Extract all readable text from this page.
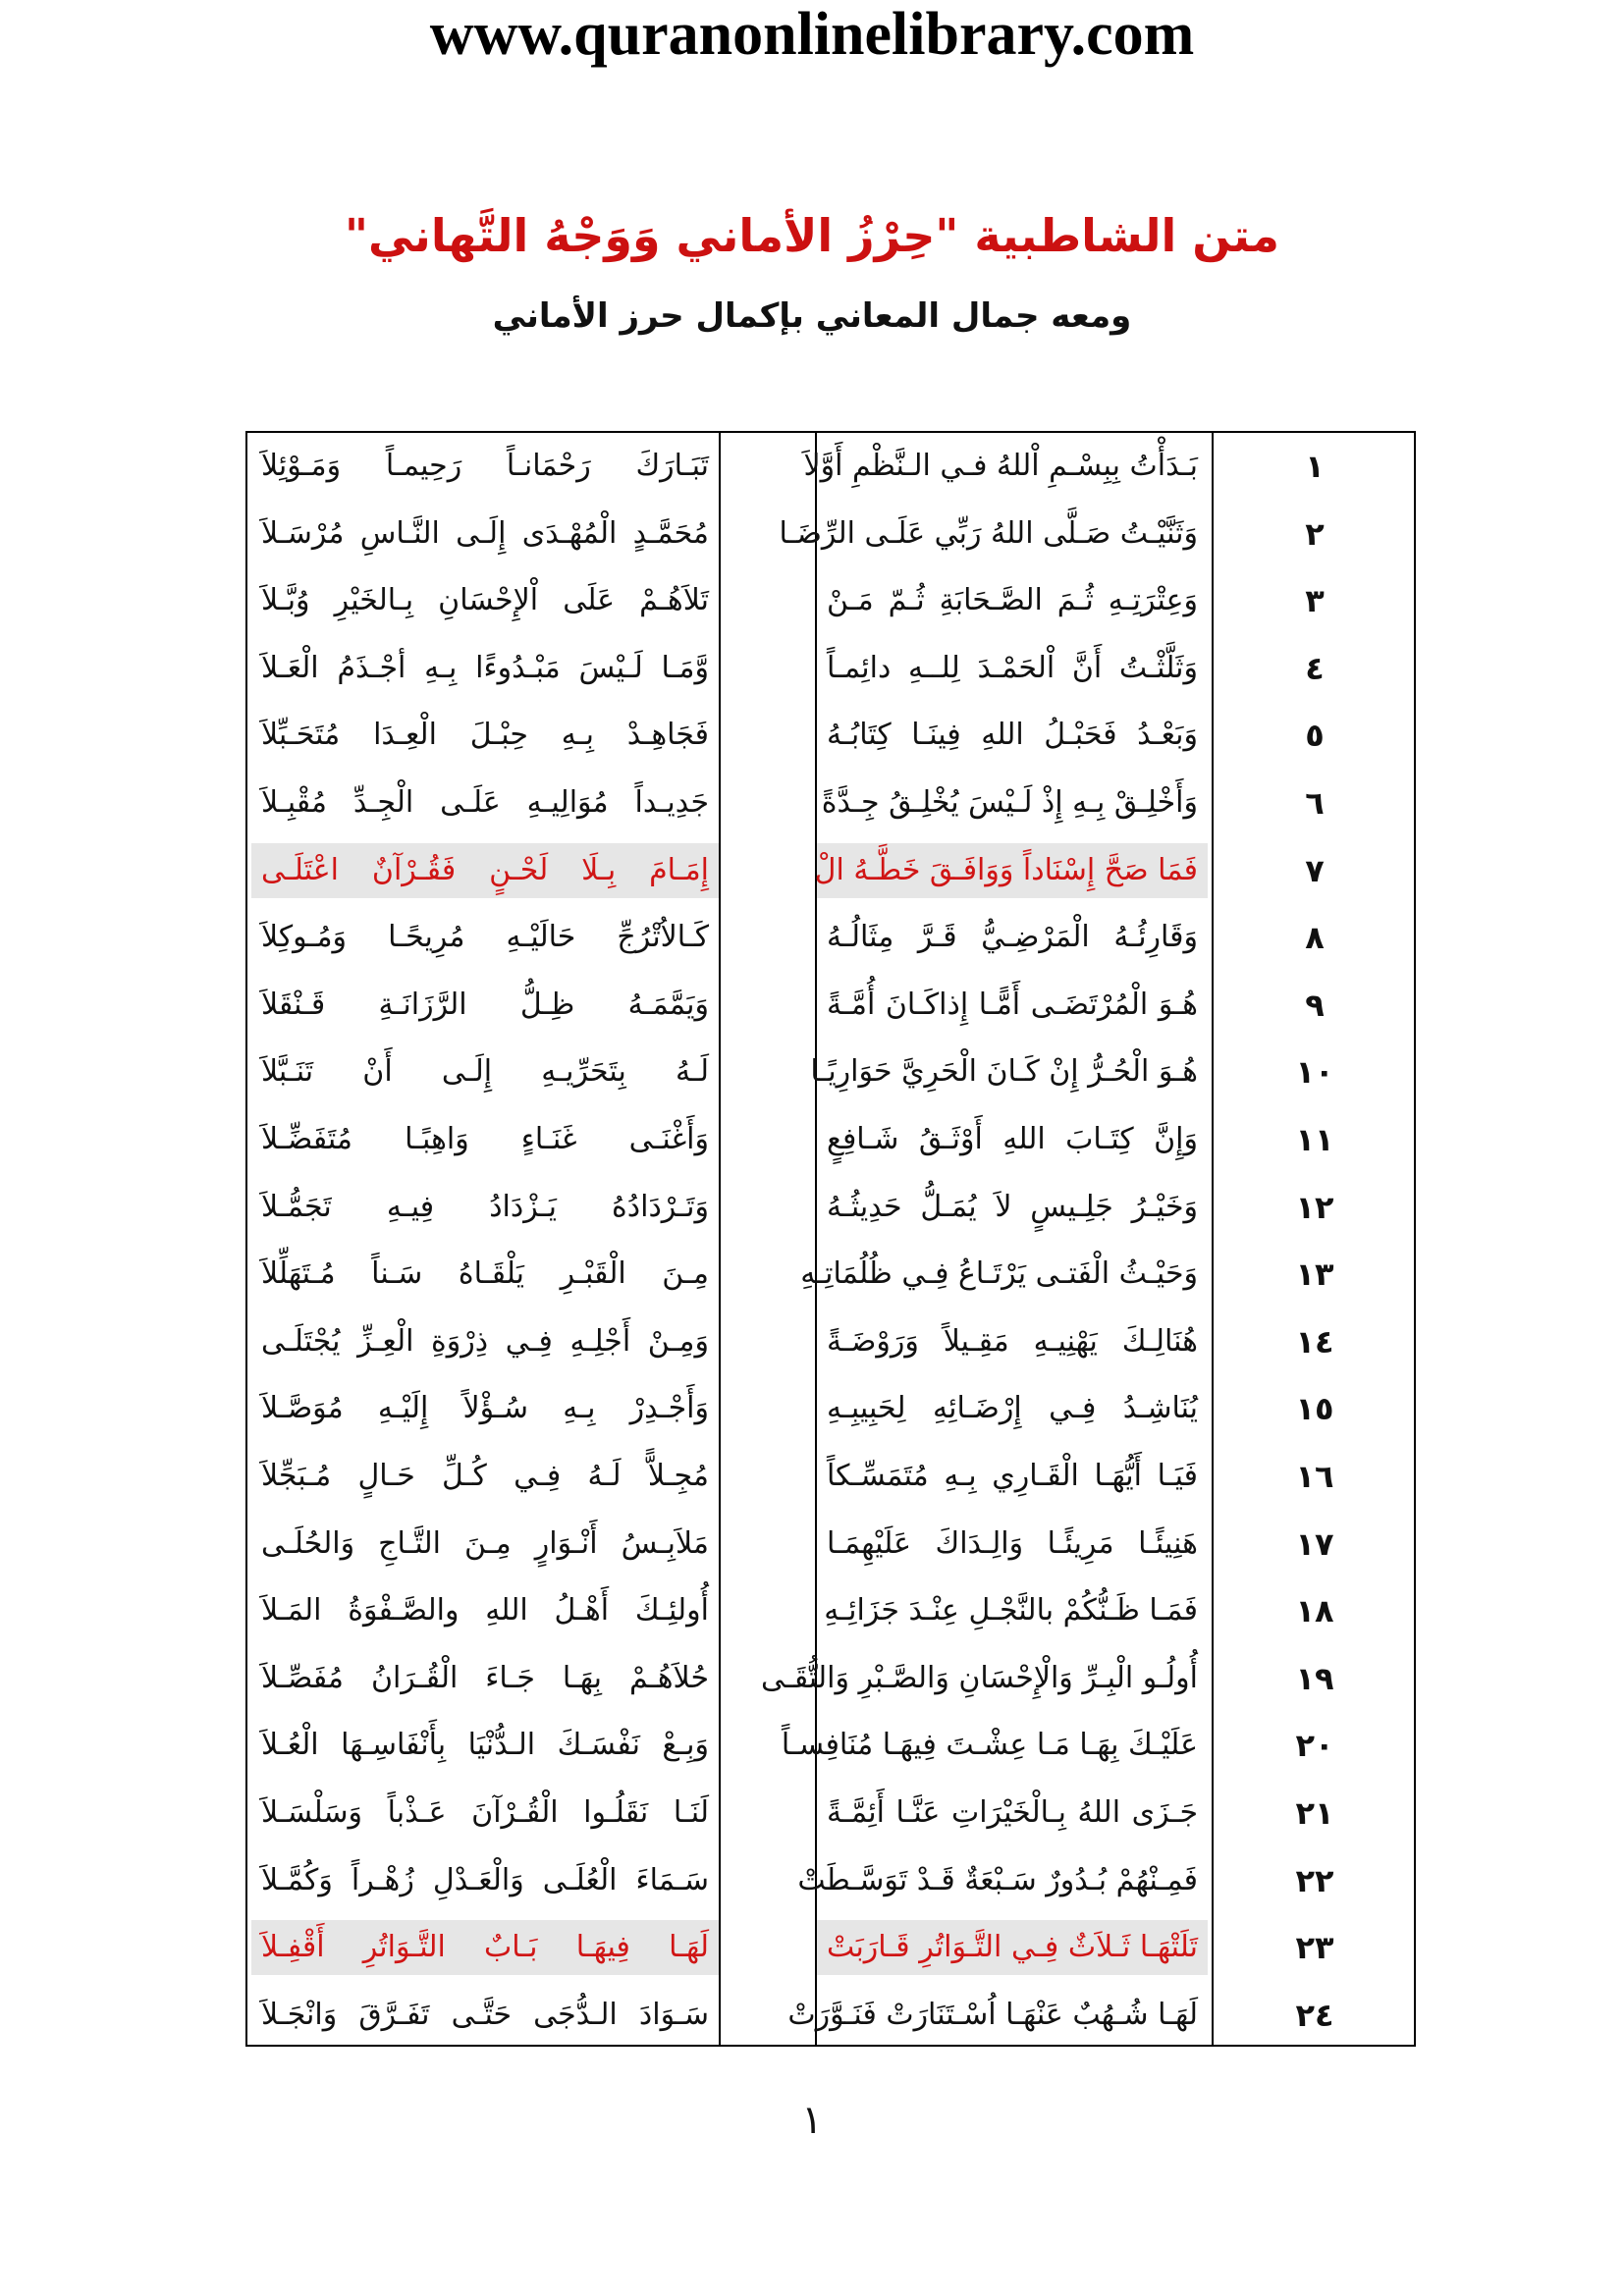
www.quranonlinelibrary.com
متن الشاطبية "حِرْزُ الأماني وَوَجْهُ التَّهاني"
ومعه جمال المعاني بإكمال حرز الأماني
١
بَـدَأْتُ بِبِسْـمِ اْللهُ فـي الـنَّظْمِ أَوَّلاَ
تَبَـارَكَ رَحْمَانـاً رَحِيمـاً وَمَـوْئِلاَ
٢
وَثَنَّيْـتُ صَـلَّى اللهُ رَبِّي عَلَـى الرِّضَـا
مُحَمَّـدٍ الْمُهْـدَى إِلَـى النَّـاسِ مُرْسَـلاَ
٣
وَعِتْرَتِـهِ ثُـمَ الصَّـحَابَةِ ثُـمّ مَـنْ
تَلاَهُـمْ عَلَى اْلإِحْسَانِ بِـالخَيْرِ وُبَّـلاَ
٤
وَثَلَّثْـتُ أَنَّ اْلحَمْـدَ لِلــهِ دائِمـاً
وَّمَـا لَـيْسَ مَبْـدُوءًا بِـهِ أجْـذَمُ الْعَـلاَ
٥
وَبَعْـدُ فَحَبْـلُ اللهِ فِينَـا كِتَابُـهُ
فَجَاهِـدْ بِـهِ حِبْـلَ الْعِـدَا مُتَحَـبِّلاَ
٦
وَأَخْلِـقْ بِـهِ إِذْ لَـيْسَ يُخْلِـقُ جِـدَّةً
جَدِيـداً مُوَالِيـهِ عَلَـى الْجِـدِّ مُقْبِـلاَ
٧
فَمَا صَحَّ إِسْنَاداً وَوَافَـقَ خَطَّـهُ الْ
إِمَـامَ بِـلَا لَحْـنٍ فَقُـرْآنٌ اعْتَلَـى
٨
وَقَارِئُـهُ الْمَرْضِـيُّ قَـرَّ مِثَالُـهُ
كَـالاُتْرُجِّ حَالَيْـهِ مُرِيحًـا وَمُـوكِلاَ
٩
هُـوَ الْمُرْتَضَـى أَمًّـا إِذاكَـانَ أُمَّـةً
وَيَمَّمَـهُ ظِـلُّ الرَّزَانَـةِ قَـنْقَلاَ
١٠
هُـوَ الْحُـرُّ إِنْ كَـانَ الْحَرِيَّ حَوَارِيًـا
لَـهُ بِتَحَرِّيـهِ إِلَـى أَنْ تَنَـبَّلاَ
١١
وَإِنَّ كِتَـابَ اللهِ أَوْثَـقُ شَـافِعٍ
وَأَغْنَـى غَنَـاءٍ وَاهِبًـا مُتَفَضِّـلاَ
١٢
وَخَيْـرُ جَلِـيسٍ لاَ يُمَـلُّ حَدِيثُـهُ
وَتَـرْدَادُهُ يَـزْدَادُ فِيـهِ تَجَمُّـلاَ
١٣
وَحَيْـثُ الْفَتـى يَرْتَـاعُ فِـي ظُلُمَاتِـهِ
مِـنَ الْقَبْـرِ يَلْقَـاهُ سَـناً مُـتَهَلِّلاَ
١٤
هُنَالِـكَ يَهْنِيـهِ مَقِـيلاً وَرَوْضَـةً
وَمِـنْ أَجْلِـهِ فِـي ذِرْوَةِ الْعِـزِّ يُجْتَلَـى
١٥
يُنَاشِـدُ فِـي إِرْضَـائِهِ لِحَبِيبِـهِ
وَأَجْـدِرْ بِـهِ سُـؤْلاً إِلَيْـهِ مُوَصَّـلاَ
١٦
فَيَـا أَيُّهَـا الْقَـارِي بِـهِ مُتَمَسِّـكاً
مُجِـلاًّ لَـهُ فِـي كُـلِّ حَـالٍ مُـبَجِّلاَ
١٧
هَنِيئًـا مَرِيئًـا وَالِـدَاكَ عَلَيْهِمَـا
مَلاَبِـسُ أَنْـوَارٍ مِـنَ التَّـاجِ وَالحُلَـى
١٨
فَمَـا ظَـنُّكُمْ بالنَّجْـلِ عِنْـدَ جَزَائِـهِ
أُولئِـكَ أَهْـلُ اللهِ والصَّـفْوَةُ المَـلاَ
١٩
أُولُـو الْبِـرِّ وَالْإِحْسَانِ وَالصَّـبْرِ وَالتُّقَـى
حُلاَهُـمْ بِهَـا جَـاءَ الْقُـرَانُ مُفَصِّـلاَ
٢٠
عَلَيْـكَ بِهَـا مَـا عِشْـتَ فِيهَـا مُنَافِسـاً
وَبِـعْ نَفْسَـكَ الـدُّنْيَا بِأَنْفَاسِـهَا الْعُـلاَ
٢١
جَـزَى اللهُ بِـالْخَيْرَاتِ عَنَّـا أَئِمَّـةً
لَنَـا نَقَلُـوا الْقُـرْآنَ عَـذْباً وَسَلْسَـلاَ
٢٢
فَمِـنْهُمْ بُـدُورٌ سَـبْعَةٌ قَـدْ تَوَسَّـطَتْ
سَـمَاءَ الْعُلَـى وَالْعَـدْلِ زُهْـراً وَكُمَّـلاَ
٢٣
تَلَتْهَـا ثَـلاَثٌ فِـي التَّـوَاتُرِ قَـارَبَتْ
لَهَـا فِيهَـا بَـابٌ التَّـوَاتُرِ أَقْفِـلاَ
٢٤
لَهَـا شُـهُبٌ عَنْهَـا اُسْـتَنَارَتْ فَنَـوَّرَتْ
سَـوَادَ الـدُّجَى حَتَّـى تَفَـرَّقَ وَانْجَـلاَ
١
